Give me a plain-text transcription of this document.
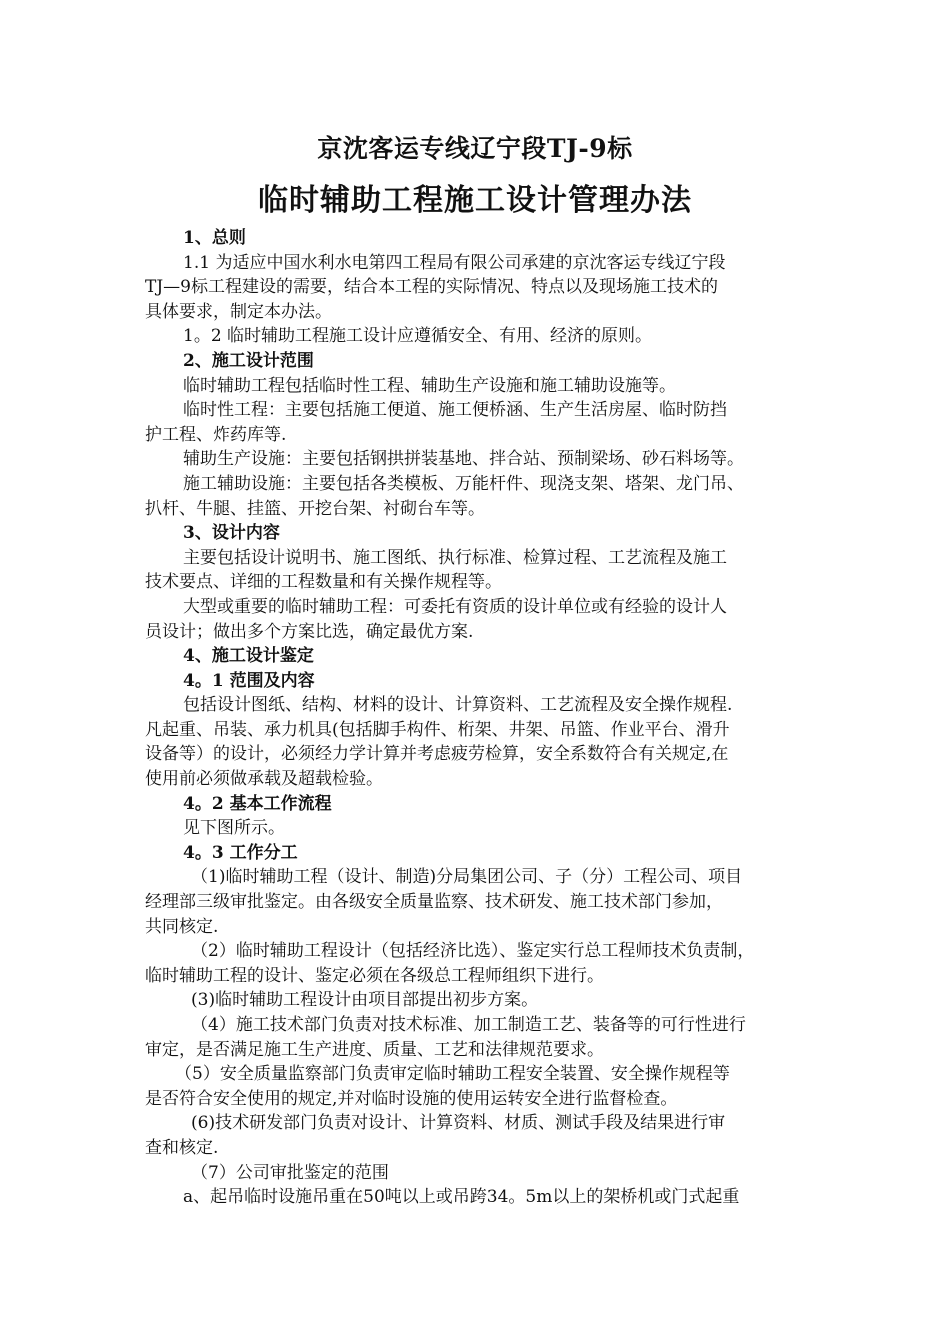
京沈客运专线辽宁段TJ-9标
临时辅助工程施工设计管理办法
1、总则
1.1 为适应中国水利水电第四工程局有限公司承建的京沈客运专线辽宁段
TJ—9标工程建设的需要，结合本工程的实际情况、特点以及现场施工技术的
具体要求，制定本办法。
1。2 临时辅助工程施工设计应遵循安全、有用、经济的原则。
2、施工设计范围
临时辅助工程包括临时性工程、辅助生产设施和施工辅助设施等。
临时性工程：主要包括施工便道、施工便桥涵、生产生活房屋、临时防挡
护工程、炸药库等.
辅助生产设施：主要包括钢拱拼装基地、拌合站、预制梁场、砂石料场等。
施工辅助设施：主要包括各类模板、万能杆件、现浇支架、塔架、龙门吊、
扒杆、牛腿、挂篮、开挖台架、衬砌台车等。
3、设计内容
主要包括设计说明书、施工图纸、执行标准、检算过程、工艺流程及施工
技术要点、详细的工程数量和有关操作规程等。
大型或重要的临时辅助工程：可委托有资质的设计单位或有经验的设计人
员设计；做出多个方案比选，确定最优方案.
4、施工设计鉴定
4。1 范围及内容
包括设计图纸、结构、材料的设计、计算资料、工艺流程及安全操作规程.
凡起重、吊装、承力机具(包括脚手构件、桁架、井架、吊篮、作业平台、滑升
设备等）的设计，必须经力学计算并考虑疲劳检算，安全系数符合有关规定,在
使用前必须做承载及超载检验。
4。2 基本工作流程
见下图所示。
4。3 工作分工
（1)临时辅助工程（设计、制造)分局集团公司、子（分）工程公司、项目
经理部三级审批鉴定。由各级安全质量监察、技术研发、施工技术部门参加，
共同核定.
（2）临时辅助工程设计（包括经济比选）、鉴定实行总工程师技术负责制，
临时辅助工程的设计、鉴定必须在各级总工程师组织下进行。
(3)临时辅助工程设计由项目部提出初步方案。
（4）施工技术部门负责对技术标准、加工制造工艺、装备等的可行性进行
审定，是否满足施工生产进度、质量、工艺和法律规范要求。
（5）安全质量监察部门负责审定临时辅助工程安全装置、安全操作规程等
是否符合安全使用的规定,并对临时设施的使用运转安全进行监督检查。
(6)技术研发部门负责对设计、计算资料、材质、测试手段及结果进行审
查和核定.
（7）公司审批鉴定的范围
a、起吊临时设施吊重在50吨以上或吊跨34。5m以上的架桥机或门式起重
